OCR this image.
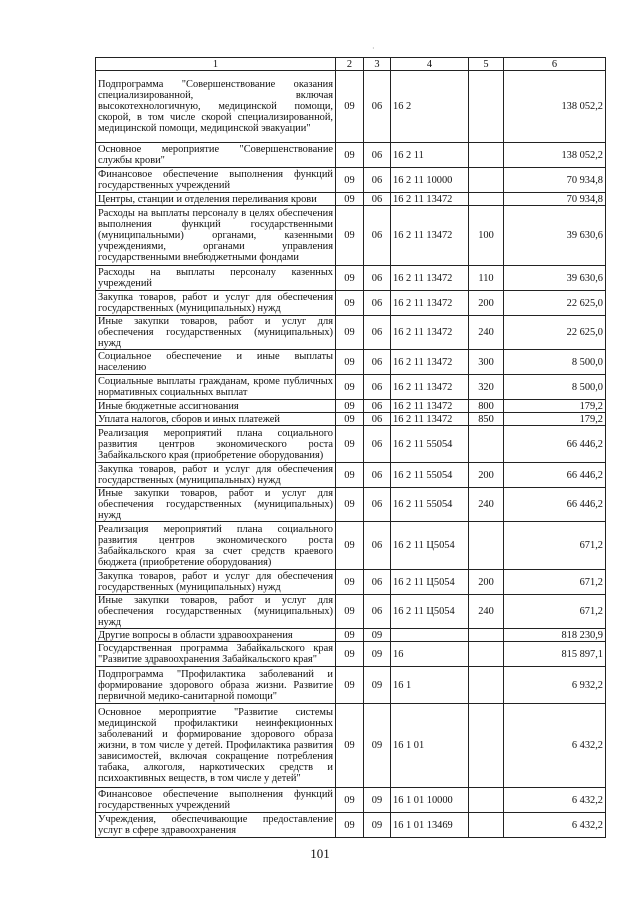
·
1	2	3	4	5	6
Подпрограмма "Совершенствование оказания специализированной, включая высокотехнологичную, медицинской помощи, скорой, в том числе скорой специализированной, медицинской помощи, медицинской эвакуации"	09	06	16 2		138 052,2
Основное мероприятие "Совершенствование службы крови"	09	06	16 2 11		138 052,2
Финансовое обеспечение выполнения функций государственных учреждений	09	06	16 2 11 10000		70 934,8
Центры, станции и отделения переливания крови	09	06	16 2 11 13472		70 934,8
Расходы на выплаты персоналу в целях обеспечения выполнения функций государственными (муниципальными) органами, казенными учреждениями, органами управления государственными внебюджетными фондами	09	06	16 2 11 13472	100	39 630,6
Расходы на выплаты персоналу казенных учреждений	09	06	16 2 11 13472	110	39 630,6
Закупка товаров, работ и услуг для обеспечения государственных (муниципальных) нужд	09	06	16 2 11 13472	200	22 625,0
Иные закупки товаров, работ и услуг для обеспечения государственных (муниципальных) нужд	09	06	16 2 11 13472	240	22 625,0
Социальное обеспечение и иные выплаты населению	09	06	16 2 11 13472	300	8 500,0
Социальные выплаты гражданам, кроме публичных нормативных социальных выплат	09	06	16 2 11 13472	320	8 500,0
Иные бюджетные ассигнования	09	06	16 2 11 13472	800	179,2
Уплата налогов, сборов и иных платежей	09	06	16 2 11 13472	850	179,2
Реализация мероприятий плана социального развития центров экономического роста Забайкальского края (приобретение оборудования)	09	06	16 2 11 55054		66 446,2
Закупка товаров, работ и услуг для обеспечения государственных (муниципальных) нужд	09	06	16 2 11 55054	200	66 446,2
Иные закупки товаров, работ и услуг для обеспечения государственных (муниципальных) нужд	09	06	16 2 11 55054	240	66 446,2
Реализация мероприятий плана социального развития центров экономического роста Забайкальского края за счет средств краевого бюджета (приобретение оборудования)	09	06	16 2 11 Ц5054		671,2
Закупка товаров, работ и услуг для обеспечения государственных (муниципальных) нужд	09	06	16 2 11 Ц5054	200	671,2
Иные закупки товаров, работ и услуг для обеспечения государственных (муниципальных) нужд	09	06	16 2 11 Ц5054	240	671,2
Другие вопросы в области здравоохранения	09	09			818 230,9
Государственная программа Забайкальского края "Развитие здравоохранения Забайкальского края"	09	09	16		815 897,1
Подпрограмма "Профилактика заболеваний и формирование здорового образа жизни. Развитие первичной медико-санитарной помощи"	09	09	16 1		6 932,2
Основное мероприятие "Развитие системы медицинской профилактики неинфекционных заболеваний и формирование здорового образа жизни, в том числе у детей. Профилактика развития зависимостей, включая сокращение потребления табака, алкоголя, наркотических средств и психоактивных веществ, в том числе у детей"	09	09	16 1 01		6 432,2
Финансовое обеспечение выполнения функций государственных учреждений	09	09	16 1 01 10000		6 432,2
Учреждения, обеспечивающие предоставление услуг в сфере здравоохранения	09	09	16 1 01 13469		6 432,2
101
